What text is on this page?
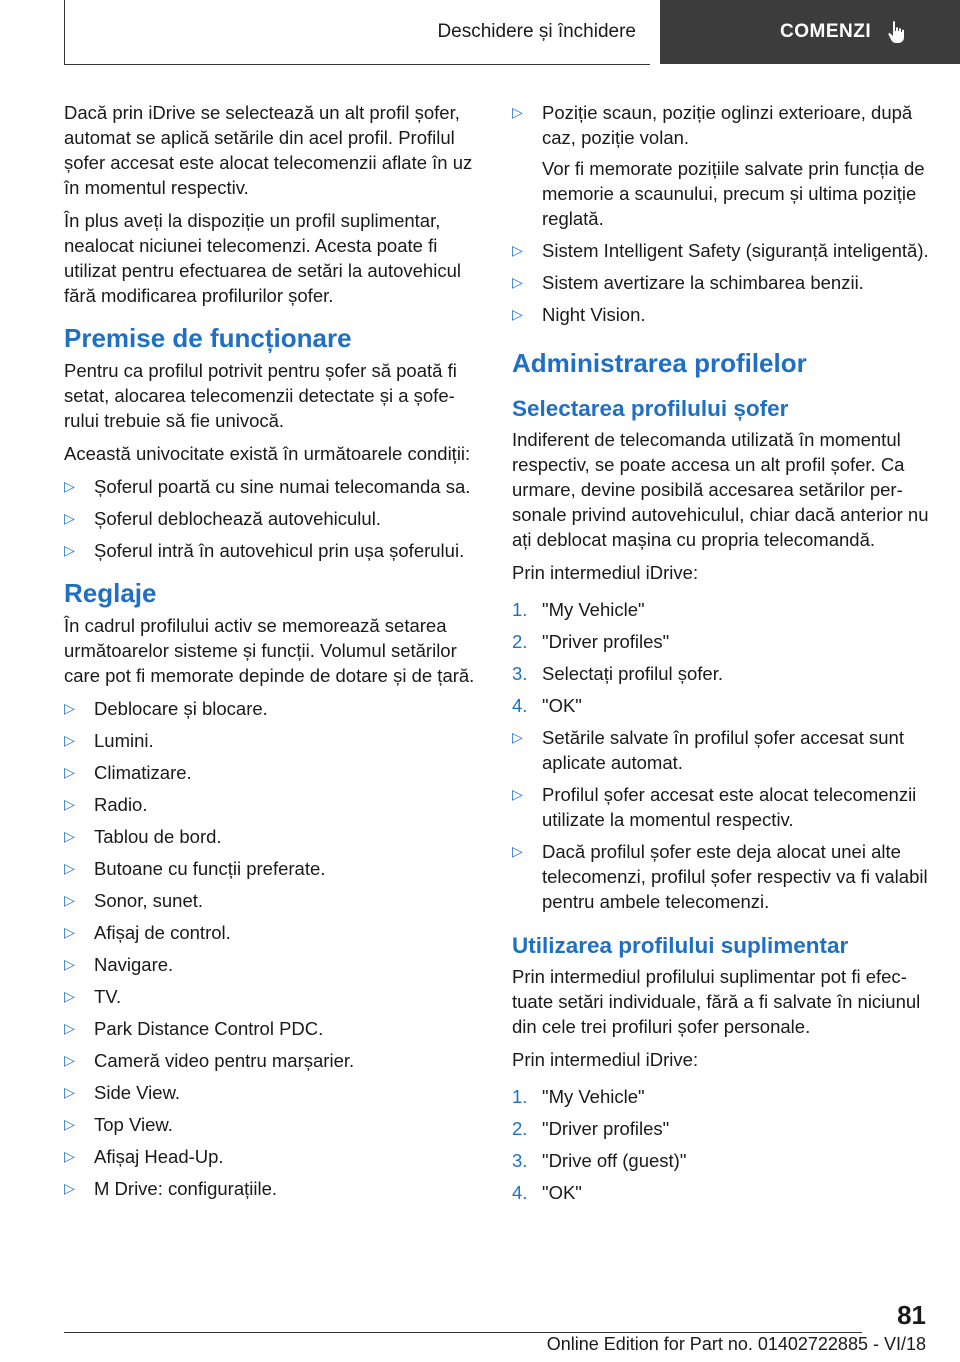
Deschidere și închidere	COMENZI

Dacă prin iDrive se selectează un alt profil șofer, automat se aplică setările din acel profil. Profilul șofer accesat este alocat telecomenzii aflate în uz în momentul respectiv.

În plus aveți la dispoziție un profil suplimentar, nealocat niciunei telecomenzi. Acesta poate fi utilizat pentru efectuarea de setări la autovehicul fără modificarea profilurilor șofer.

Premise de funcționare

Pentru ca profilul potrivit pentru șofer să poată fi setat, alocarea telecomenzii detectate și a șoferului trebuie să fie univocă.

Această univocitate există în următoarele condiții:

▷ Șoferul poartă cu sine numai telecomanda sa.
▷ Șoferul deblochează autovehiculul.
▷ Șoferul intră în autovehicul prin ușa șoferului.
Reglaje

În cadrul profilului activ se memorează setarea următoarelor sisteme și funcții. Volumul setărilor care pot fi memorate depinde de dotare și de țară.

▷ Deblocare și blocare.
▷ Lumini.
▷ Climatizare.
▷ Radio.
▷ Tablou de bord.
▷ Butoane cu funcții preferate.
▷ Sonor, sunet.
▷ Afișaj de control.
▷ Navigare.
▷ TV.
▷ Park Distance Control PDC.
▷ Cameră video pentru marșarier.
▷ Side View.
▷ Top View.
▷ Afișaj Head-Up.
▷ M Drive: configurațiile.
▷ Poziție scaun, poziție oglinzi exterioare, după caz, poziție volan.
Vor fi memorate pozițiile salvate prin funcția de memorie a scaunului, precum și ultima poziție reglată.
▷ Sistem Intelligent Safety (siguranță inteligentă).
▷ Sistem avertizare la schimbarea benzii.
▷ Night Vision.
Administrarea profilelor
Selectarea profilului șofer

Indiferent de telecomanda utilizată în momentul respectiv, se poate accesa un alt profil șofer. Ca urmare, devine posibilă accesarea setărilor personale privind autovehiculul, chiar dacă anterior nu ați deblocat mașina cu propria telecomandă.

Prin intermediul iDrive:

1. "My Vehicle"
2. "Driver profiles"
3. Selectați profilul șofer.
4. "OK"
▷ Setările salvate în profilul șofer accesat sunt aplicate automat.
▷ Profilul șofer accesat este alocat telecomenzii utilizate la momentul respectiv.
▷ Dacă profilul șofer este deja alocat unei alte telecomenzi, profilul șofer respectiv va fi valabil pentru ambele telecomenzi.
Utilizarea profilului suplimentar

Prin intermediul profilului suplimentar pot fi efectuate setări individuale, fără a fi salvate în niciunul din cele trei profiluri șofer personale.

Prin intermediul iDrive:

1. "My Vehicle"
2. "Driver profiles"
3. "Drive off (guest)"
4. "OK"
81
Online Edition for Part no. 01402722885 - VI/18
